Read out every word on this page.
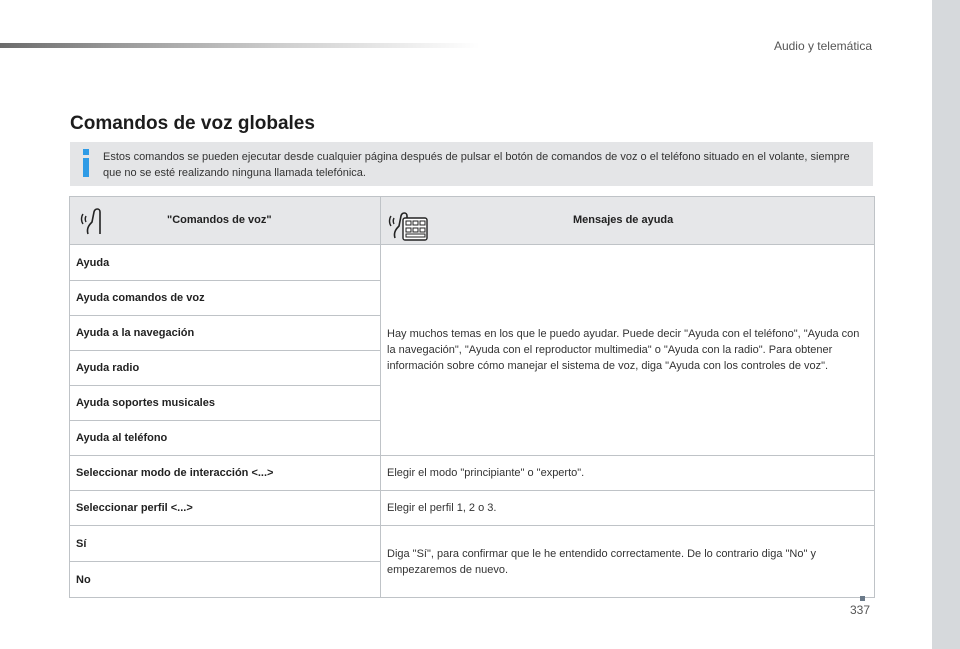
Audio y telemática
Comandos de voz globales
Estos comandos se pueden ejecutar desde cualquier página después de pulsar el botón de comandos de voz o el teléfono situado en el volante, siempre que no se esté realizando ninguna llamada telefónica.
"Comandos de voz"	Mensajes de ayuda

Ayuda	Hay muchos temas en los que le puedo ayudar. Puede decir "Ayuda con el teléfono", "Ayuda con la navegación", "Ayuda con el reproductor multimedia" o "Ayuda con la radio". Para obtener información sobre cómo manejar el sistema de voz, diga "Ayuda con los controles de voz".
Ayuda comandos de voz	
Ayuda a la navegación	
Ayuda radio	
Ayuda soportes musicales	
Ayuda al teléfono	
Seleccionar modo de interacción <...>	Elegir el modo "principiante" o "experto".
Seleccionar perfil <...>	Elegir el perfil 1, 2 o 3.
Sí	Diga "Sí", para confirmar que le he entendido correctamente. De lo contrario diga "No" y empezaremos de nuevo.
No	
337
